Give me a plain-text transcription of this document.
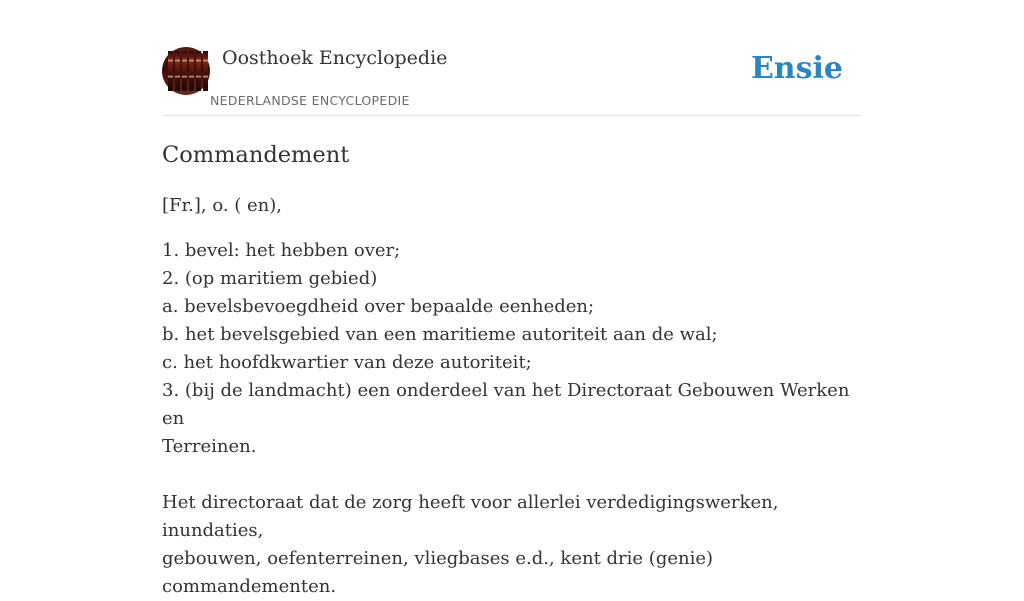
Oosthoek Encyclopedie
NEDERLANDSE ENCYCLOPEDIE
Ensie
Commandement

[Fr.], o. ( en),

1. bevel: het hebben over;
2. (op maritiem gebied)
a. bevelsbevoegdheid over bepaalde eenheden;
b. het bevelsgebied van een maritieme autoriteit aan de wal;
c. het hoofdkwartier van deze autoriteit;
3. (bij de landmacht) een onderdeel van het Directoraat Gebouwen Werken en
Terreinen.
Het directoraat dat de zorg heeft voor allerlei verdedigingswerken, inundaties,
gebouwen, oefenterreinen, vliegbases e.d., kent drie (genie) commandementen.
